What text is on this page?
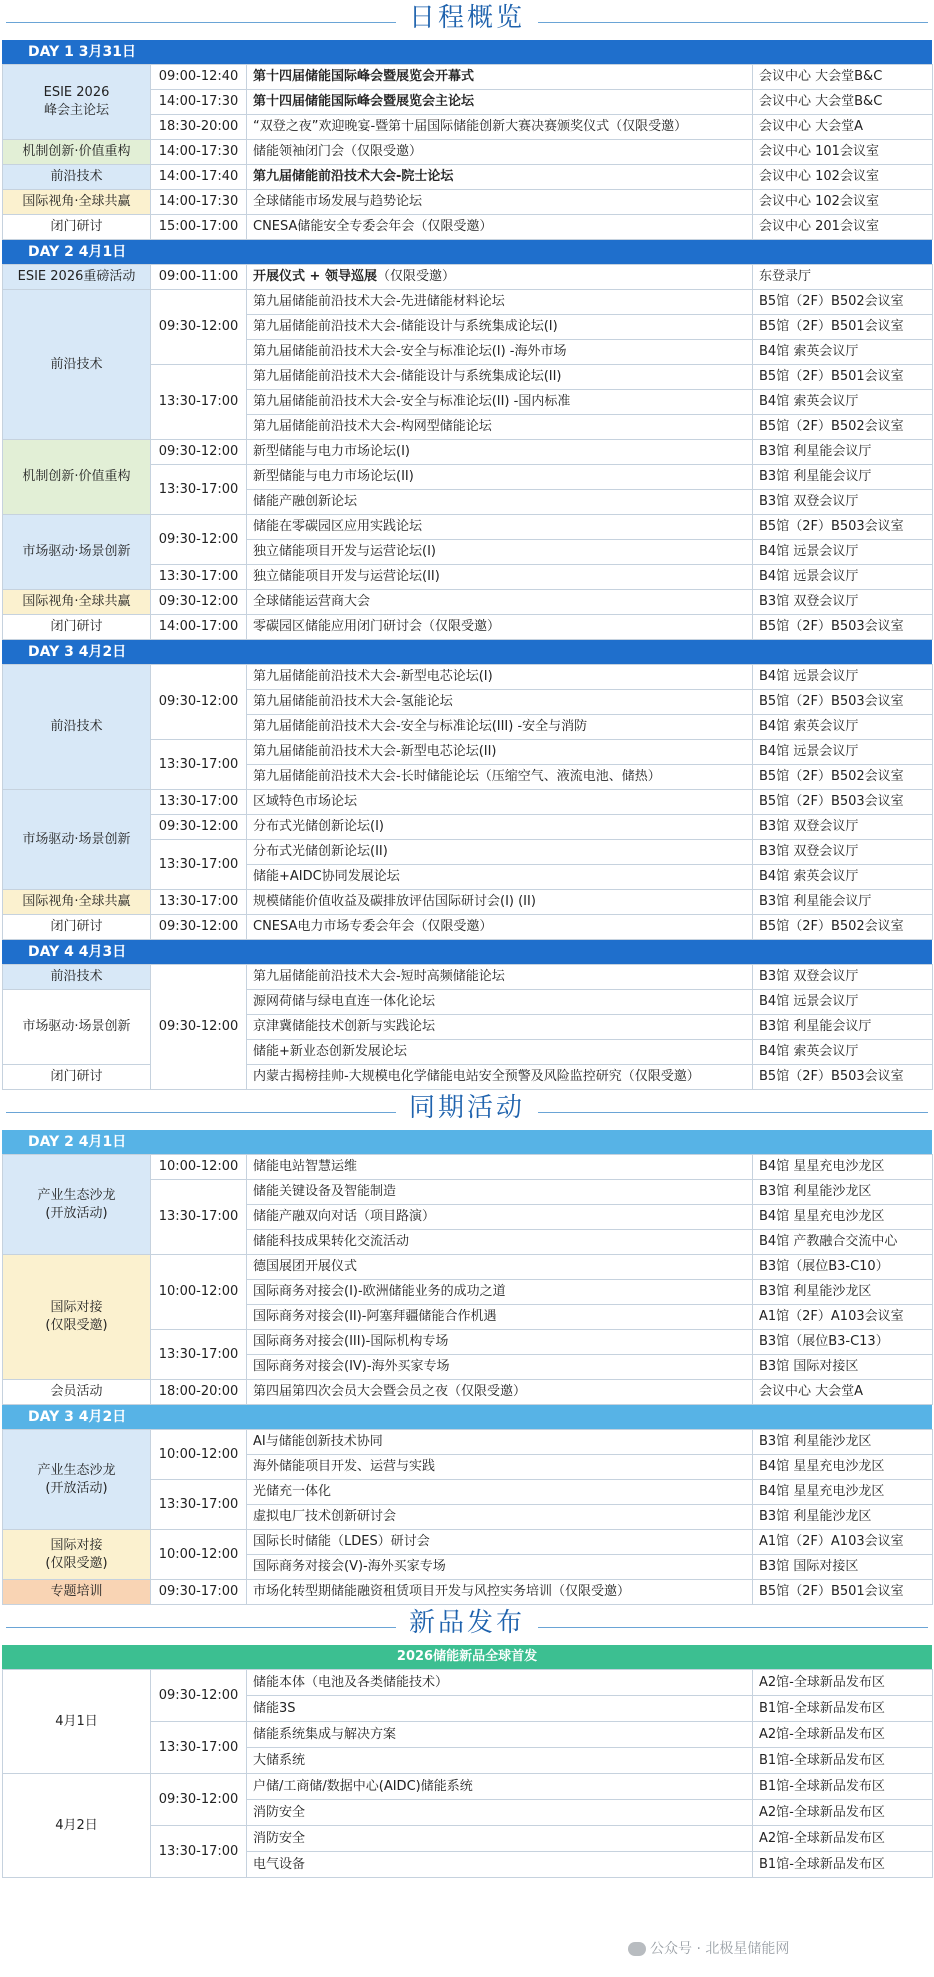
日程概览
DAY 1 3月31日
ESIE 2026
峰会主论坛	09:00-12:40	第十四届储能国际峰会暨展览会开幕式	会议中心 大会堂B&C
	14:00-17:30	第十四届储能国际峰会暨展览会主论坛	会议中心 大会堂B&C
	18:30-20:00	“双登之夜”欢迎晚宴-暨第十届国际储能创新大赛决赛颁奖仪式（仅限受邀）	会议中心 大会堂A
机制创新·价值重构	14:00-17:30	储能领袖闭门会（仅限受邀）	会议中心 101会议室
前沿技术	14:00-17:40	第九届储能前沿技术大会-院士论坛	会议中心 102会议室
国际视角·全球共赢	14:00-17:30	全球储能市场发展与趋势论坛	会议中心 102会议室
闭门研讨	15:00-17:00	CNESA储能安全专委会年会（仅限受邀）	会议中心 201会议室
DAY 2 4月1日
ESIE 2026重磅活动	09:00-11:00	开展仪式 + 领导巡展（仅限受邀）	东登录厅
前沿技术	09:30-12:00	第九届储能前沿技术大会-先进储能材料论坛	B5馆（2F）B502会议室
		第九届储能前沿技术大会-储能设计与系统集成论坛(I)	B5馆（2F）B501会议室
		第九届储能前沿技术大会-安全与标准论坛(I) -海外市场	B4馆 索英会议厅
	13:30-17:00	第九届储能前沿技术大会-储能设计与系统集成论坛(II)	B5馆（2F）B501会议室
		第九届储能前沿技术大会-安全与标准论坛(II) -国内标准	B4馆 索英会议厅
		第九届储能前沿技术大会-构网型储能论坛	B5馆（2F）B502会议室
机制创新·价值重构	09:30-12:00	新型储能与电力市场论坛(I)	B3馆 利星能会议厅
	13:30-17:00	新型储能与电力市场论坛(II)	B3馆 利星能会议厅
		储能产融创新论坛	B3馆 双登会议厅
市场驱动·场景创新	09:30-12:00	储能在零碳园区应用实践论坛	B5馆（2F）B503会议室
		独立储能项目开发与运营论坛(I)	B4馆 远景会议厅
	13:30-17:00	独立储能项目开发与运营论坛(II)	B4馆 远景会议厅
国际视角·全球共赢	09:30-12:00	全球储能运营商大会	B3馆 双登会议厅
闭门研讨	14:00-17:00	零碳园区储能应用闭门研讨会（仅限受邀）	B5馆（2F）B503会议室
DAY 3 4月2日
前沿技术	09:30-12:00	第九届储能前沿技术大会-新型电芯论坛(I)	B4馆 远景会议厅
		第九届储能前沿技术大会-氢能论坛	B5馆（2F）B503会议室
		第九届储能前沿技术大会-安全与标准论坛(III) -安全与消防	B4馆 索英会议厅
	13:30-17:00	第九届储能前沿技术大会-新型电芯论坛(II)	B4馆 远景会议厅
		第九届储能前沿技术大会-长时储能论坛（压缩空气、液流电池、储热）	B5馆（2F）B502会议室
市场驱动·场景创新	13:30-17:00	区域特色市场论坛	B5馆（2F）B503会议室
	09:30-12:00	分布式光储创新论坛(I)	B3馆 双登会议厅
	13:30-17:00	分布式光储创新论坛(II)	B3馆 双登会议厅
		储能+AIDC协同发展论坛	B4馆 索英会议厅
国际视角·全球共赢	13:30-17:00	规模储能价值收益及碳排放评估国际研讨会(I) (II)	B3馆 利星能会议厅
闭门研讨	09:30-12:00	CNESA电力市场专委会年会（仅限受邀）	B5馆（2F）B502会议室
DAY 4 4月3日
前沿技术	09:30-12:00	第九届储能前沿技术大会-短时高频储能论坛	B3馆 双登会议厅
市场驱动·场景创新		源网荷储与绿电直连一体化论坛	B4馆 远景会议厅
		京津冀储能技术创新与实践论坛	B3馆 利星能会议厅
		储能+新业态创新发展论坛	B4馆 索英会议厅
闭门研讨		内蒙古揭榜挂帅-大规模电化学储能电站安全预警及风险监控研究（仅限受邀）	B5馆（2F）B503会议室
同期活动
DAY 2 4月1日
产业生态沙龙
(开放活动)	10:00-12:00	储能电站智慧运维	B4馆 星星充电沙龙区
	13:30-17:00	储能关键设备及智能制造	B3馆 利星能沙龙区
		储能产融双向对话（项目路演）	B4馆 星星充电沙龙区
		储能科技成果转化交流活动	B4馆 产教融合交流中心
国际对接
(仅限受邀)	10:00-12:00	德国展团开展仪式	B3馆（展位B3-C10）
		国际商务对接会(I)-欧洲储能业务的成功之道	B3馆 利星能沙龙区
		国际商务对接会(II)-阿塞拜疆储能合作机遇	A1馆（2F）A103会议室
	13:30-17:00	国际商务对接会(III)-国际机构专场	B3馆（展位B3-C13）
		国际商务对接会(IV)-海外买家专场	B3馆 国际对接区
会员活动	18:00-20:00	第四届第四次会员大会暨会员之夜（仅限受邀）	会议中心 大会堂A
DAY 3 4月2日
产业生态沙龙
(开放活动)	10:00-12:00	AI与储能创新技术协同	B3馆 利星能沙龙区
		海外储能项目开发、运营与实践	B4馆 星星充电沙龙区
	13:30-17:00	光储充一体化	B4馆 星星充电沙龙区
		虚拟电厂技术创新研讨会	B3馆 利星能沙龙区
国际对接
(仅限受邀)	10:00-12:00	国际长时储能（LDES）研讨会	A1馆（2F）A103会议室
		国际商务对接会(V)-海外买家专场	B3馆 国际对接区
专题培训	09:30-17:00	市场化转型期储能融资租赁项目开发与风控实务培训（仅限受邀）	B5馆（2F）B501会议室
新品发布
2026储能新品全球首发
4月1日	09:30-12:00	储能本体（电池及各类储能技术）	A2馆-全球新品发布区
		储能3S	B1馆-全球新品发布区
	13:30-17:00	储能系统集成与解决方案	A2馆-全球新品发布区
		大储系统	B1馆-全球新品发布区
4月2日	09:30-12:00	户储/工商储/数据中心(AIDC)储能系统	B1馆-全球新品发布区
		消防安全	A2馆-全球新品发布区
	13:30-17:00	消防安全	A2馆-全球新品发布区
		电气设备	B1馆-全球新品发布区
公众号 · 北极星储能网
